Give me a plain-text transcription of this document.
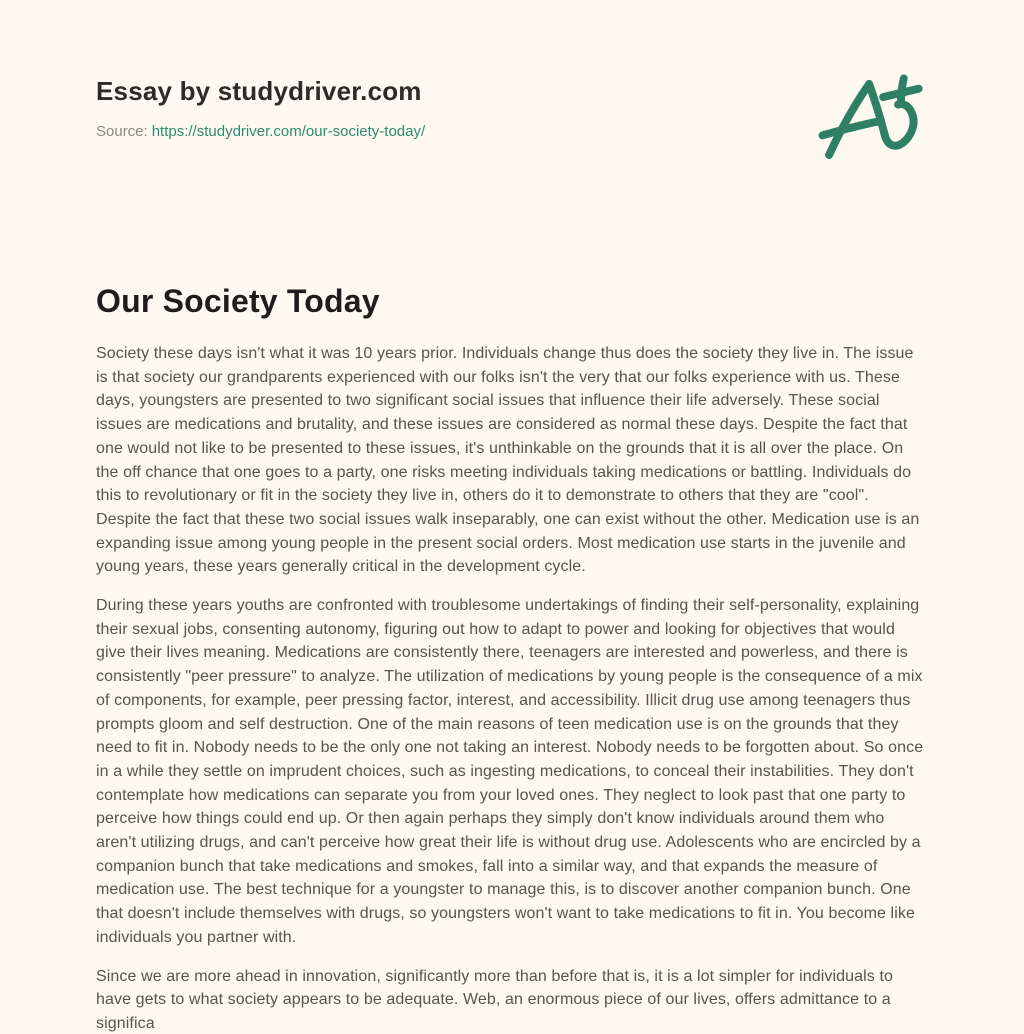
Essay by studydriver.com
Source: https://studydriver.com/our-society-today/
Our Society Today

Society these days isn't what it was 10 years prior. Individuals change thus does the society they live in. The issue is that society our grandparents experienced with our folks isn't the very that our folks experience with us. These days, youngsters are presented to two significant social issues that influence their life adversely. These social issues are medications and brutality, and these issues are considered as normal these days. Despite the fact that one would not like to be presented to these issues, it's unthinkable on the grounds that it is all over the place. On the off chance that one goes to a party, one risks meeting individuals taking medications or battling. Individuals do this to revolutionary or fit in the society they live in, others do it to demonstrate to others that they are "cool". Despite the fact that these two social issues walk inseparably, one can exist without the other. Medication use is an expanding issue among young people in the present social orders. Most medication use starts in the juvenile and young years, these years generally critical in the development cycle.

During these years youths are confronted with troublesome undertakings of finding their self-personality, explaining their sexual jobs, consenting autonomy, figuring out how to adapt to power and looking for objectives that would give their lives meaning. Medications are consistently there, teenagers are interested and powerless, and there is consistently "peer pressure" to analyze. The utilization of medications by young people is the consequence of a mix of components, for example, peer pressing factor, interest, and accessibility. Illicit drug use among teenagers thus prompts gloom and self destruction. One of the main reasons of teen medication use is on the grounds that they need to fit in. Nobody needs to be the only one not taking an interest. Nobody needs to be forgotten about. So once in a while they settle on imprudent choices, such as ingesting medications, to conceal their instabilities. They don't contemplate how medications can separate you from your loved ones. They neglect to look past that one party to perceive how things could end up. Or then again perhaps they simply don't know individuals around them who aren't utilizing drugs, and can't perceive how great their life is without drug use. Adolescents who are encircled by a companion bunch that take medications and smokes, fall into a similar way, and that expands the measure of medication use. The best technique for a youngster to manage this, is to discover another companion bunch. One that doesn't include themselves with drugs, so youngsters won't want to take medications to fit in. You become like individuals you partner with.

Since we are more ahead in innovation, significantly more than before that is, it is a lot simpler for individuals to have gets to what society appears to be adequate. Web, an enormous piece of our lives, offers admittance to a significa
